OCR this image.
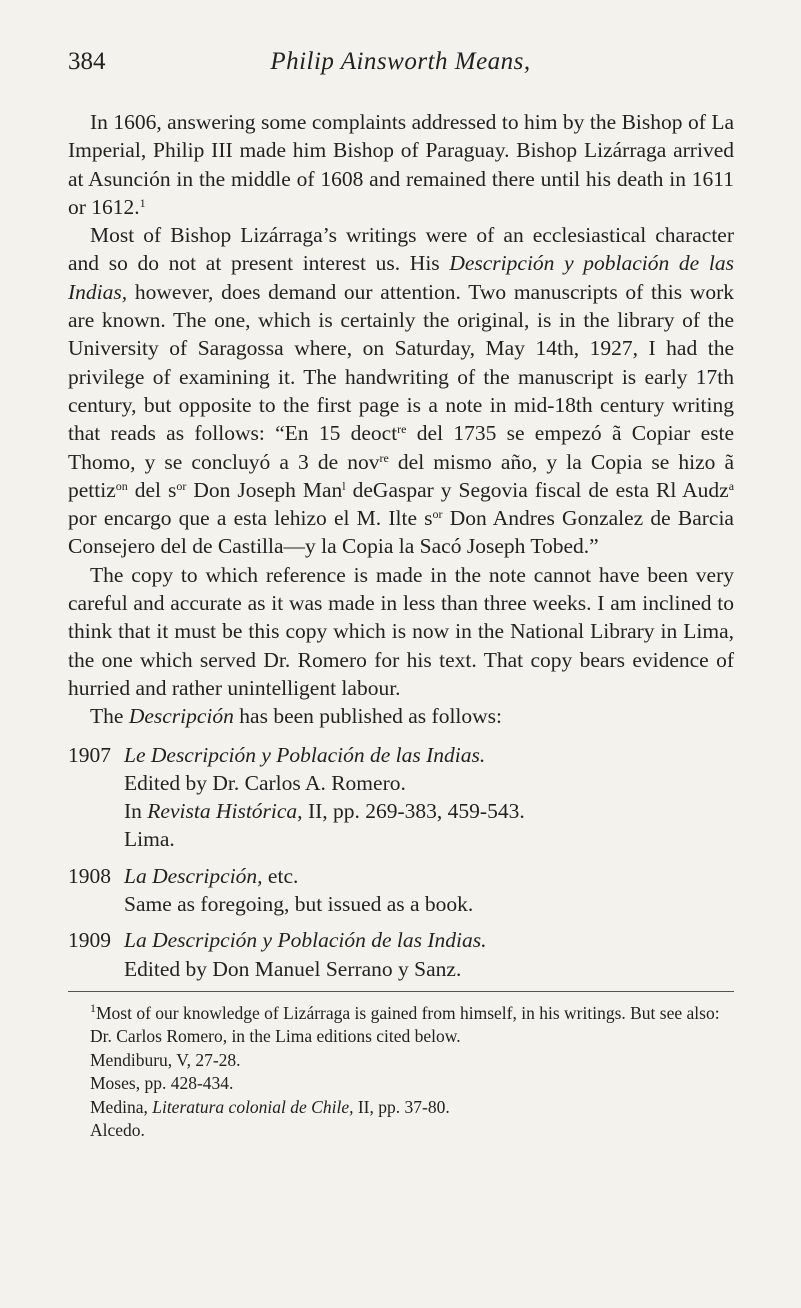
384	Philip Ainsworth Means,

In 1606, answering some complaints addressed to him by the Bishop of La Imperial, Philip III made him Bishop of Paraguay. Bishop Lizárraga arrived at Asunción in the middle of 1608 and remained there until his death in 1611 or 1612.$^1$

Most of Bishop Lizárraga’s writings were of an ecclesiastical character and so do not at present interest us. His Descripción y población de las Indias, however, does demand our attention. Two manuscripts of this work are known. The one, which is certainly the original, is in the library of the University of Saragossa where, on Saturday, May 14th, 1927, I had the privilege of examining it. The handwriting of the manuscript is early 17th century, but opposite to the first page is a note in mid-18th century writing that reads as follows: “En 15 deoct$^{re}$ del 1735 se empezó ã Copiar este Thomo, y se concluyó a 3 de nov$^{re}$ del mismo año, y la Copia se hizo ã pettiz$^{on}$ del $s^{or}$ Don Joseph Man$^l$ deGaspar y Segovia fiscal de esta Rl Audz$^a$ por encargo que a esta lehizo el M. Ilte $s^{or}$ Don Andres Gonzalez de Barcia Consejero del de Castilla—y la Copia la Sacó Joseph Tobed.”

The copy to which reference is made in the note cannot have been very careful and accurate as it was made in less than three weeks. I am inclined to think that it must be this copy which is now in the National Library in Lima, the one which served Dr. Romero for his text. That copy bears evidence of hurried and rather unintelligent labour.

The Descripción has been published as follows:

1907 Le Descripción y Población de las Indias.
Edited by Dr. Carlos A. Romero.
In Revista Histórica, II, pp. 269-383, 459-543.
Lima.
1908 La Descripción, etc.
Same as foregoing, but issued as a book.
1909 La Descripción y Población de las Indias.
Edited by Don Manuel Serrano y Sanz.
$^1$Most of our knowledge of Lizárraga is gained from himself, in his writings. But see also:
Dr. Carlos Romero, in the Lima editions cited below.
Mendiburu, V, 27-28.
Moses, pp. 428-434.
Medina, Literatura colonial de Chile, II, pp. 37-80.
Alcedo.
